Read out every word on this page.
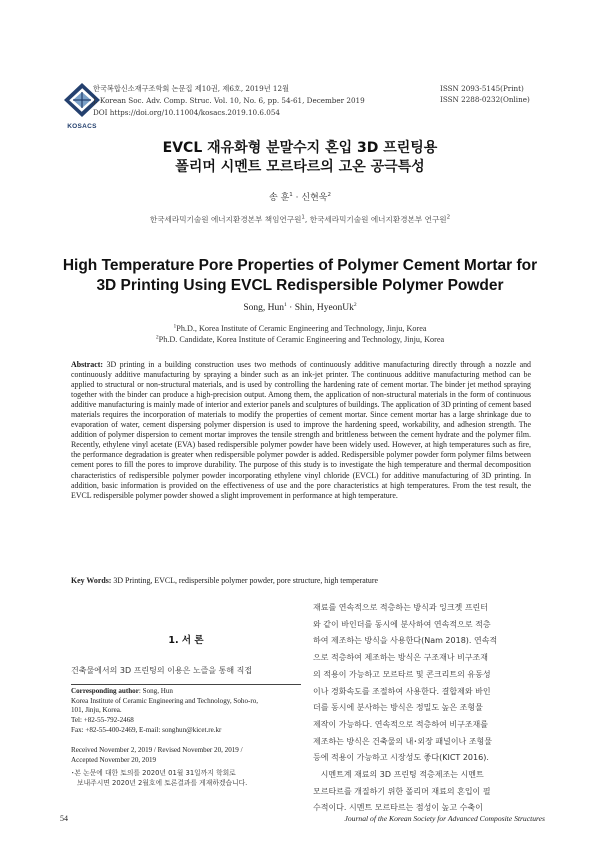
KOSACS
한국복합신소재구조학회 논문집 제10권, 제6호, 2019년 12월
J. Korean Soc. Adv. Comp. Struc. Vol. 10, No. 6, pp. 54-61, December 2019
DOI https://doi.org/10.11004/kosacs.2019.10.6.054
ISSN 2093-5145(Print)
ISSN 2288-0232(Online)
EVCL 재유화형 분말수지 혼입 3D 프린팅용
폴리머 시멘트 모르타르의 고온 공극특성
송 훈$^1$ · 신현욱$^2$
한국세라믹기술원 에너지환경본부 책임연구원$^1$, 한국세라믹기술원 에너지환경본부 연구원$^2$
High Temperature Pore Properties of Polymer Cement Mortar for
3D Printing Using EVCL Redispersible Polymer Powder
Song, Hun$^1$ · Shin, HyeonUk$^2$
$^1$Ph.D., Korea Institute of Ceramic Engineering and Technology, Jinju, Korea
$^2$Ph.D. Candidate, Korea Institute of Ceramic Engineering and Technology, Jinju, Korea
Abstract: 3D printing in a building construction uses two methods of continuously additive manufacturing directly through a nozzle and continuously additive manufacturing by spraying a binder such as an ink-jet printer. The continuous additive manufacturing method can be applied to structural or non-structural materials, and is used by controlling the hardening rate of cement mortar. The binder jet method spraying together with the binder can produce a high-precision output. Among them, the application of non-structural materials in the form of continuous additive manufacturing is mainly made of interior and exterior panels and sculptures of buildings. The application of 3D printing of cement based materials requires the incorporation of materials to modify the properties of cement mortar. Since cement mortar has a large shrinkage due to evaporation of water, cement dispersing polymer dispersion is used to improve the hardening speed, workability, and adhesion strength. The addition of polymer dispersion to cement mortar improves the tensile strength and brittleness between the cement hydrate and the polymer film. Recently, ethylene vinyl acetate (EVA) based redispersible polymer powder have been widely used. However, at high temperatures such as fire, the performance degradation is greater when redispersible polymer powder is added. Redispersible polymer powder form polymer films between cement pores to fill the pores to improve durability. The purpose of this study is to investigate the high temperature and thermal decomposition characteristics of redispersible polymer powder incorporating ethylene vinyl chloride (EVCL) for additive manufacturing of 3D printing. In addition, basic information is provided on the effectiveness of use and the pore characteristics at high temperatures. From the test result, the EVCL redispersible polymer powder showed a slight improvement in performance at high temperature.
Key Words: 3D Printing, EVCL, redispersible polymer powder, pore structure, high temperature
1. 서 론
건축물에서의 3D 프린팅의 이용은 노즐을 통해 직접
Corresponding author: Song, Hun
Korea Institute of Ceramic Engineering and Technology, Soho-ro,
101, Jinju, Korea.
Tel: +82-55-792-2468
Fax: +82-55-400-2469, E-mail: songhun@kicet.re.kr
Received November 2, 2019 / Revised November 20, 2019 /
Accepted November 20, 2019
･본 논문에 대한 토의를 2020년 01월 31일까지 학회로
보내주시면 2020년 2월호에 토론결과를 게재하겠습니다.

재료를 연속적으로 적층하는 방식과 잉크젯 프린터

와 같이 바인더를 동시에 분사하여 연속적으로 적층

하여 제조하는 방식을 사용한다(Nam 2018). 연속적

으로 적층하여 제조하는 방식은 구조재나 비구조재

의 적용이 가능하고 모르타르 및 콘크리트의 유동성

이나 경화속도를 조절하여 사용한다. 결합제와 바인

더를 동시에 분사하는 방식은 정밀도 높은 조형물

제작이 가능하다. 연속적으로 적층하여 비구조재를

제조하는 방식은 건축물의 내･외장 패널이나 조형물

등에 적용이 가능하고 시장성도 좋다(KICT 2016).

시멘트계 재료의 3D 프린팅 적층제조는 시멘트

모르타르를 개질하기 위한 폴리머 재료의 혼입이 필

수적이다. 시멘트 모르타르는 점성이 높고 수축이

54	Journal of the Korean Society for Advanced Composite Structures
